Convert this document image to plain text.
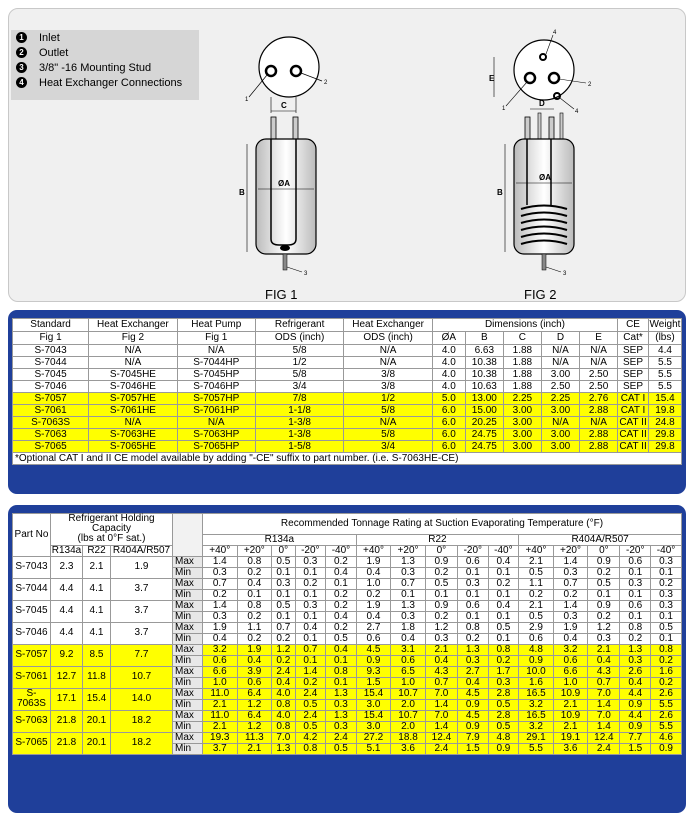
1 Inlet
2 Outlet
3 3/8" -16 Mounting Stud
4 Heat Exchanger Connections
1
2
C
3
B
ØA
4
4
2
1
E
D
3
B
ØA
FIG 1	FIG 2
Standard	Heat Exchanger	Heat Pump	Refrigerant	Heat Exchanger	Dimensions (inch)					CE	Weight
Fig 1	Fig 2	Fig 1	ODS (inch)	ODS (inch)	ØA	B	C	D	E	Cat*	(lbs)
S-7043	N/A	N/A	5/8	N/A	4.0	6.63	1.88	N/A	N/A	SEP	4.4
S-7044	N/A	S-7044HP	1/2	N/A	4.0	10.38	1.88	N/A	N/A	SEP	5.5
S-7045	S-7045HE	S-7045HP	5/8	3/8	4.0	10.38	1.88	3.00	2.50	SEP	5.5
S-7046	S-7046HE	S-7046HP	3/4	3/8	4.0	10.63	1.88	2.50	2.50	SEP	5.5
S-7057	S-7057HE	S-7057HP	7/8	1/2	5.0	13.00	2.25	2.25	2.76	CAT I	15.4
S-7061	S-7061HE	S-7061HP	1-1/8	5/8	6.0	15.00	3.00	3.00	2.88	CAT I	19.8
S-7063S	N/A	N/A	1-3/8	N/A	6.0	20.25	3.00	N/A	N/A	CAT II	24.8
S-7063	S-7063HE	S-7063HP	1-3/8	5/8	6.0	24.75	3.00	3.00	2.88	CAT II	29.8
S-7065	S-7065HE	S-7065HP	1-5/8	3/4	6.0	24.75	3.00	3.00	2.88	CAT II	29.8
*Optional CAT I and II CE model available by adding "-CE" suffix to part number. (i.e. S-7063HE-CE)											
Part No	Refrigerant Holding Capacity				Recommended Tonnage Rating at Suction Evaporating Temperature (°F)														
	(lbs at 0°F sat.)				R134a					R22					R404A/R507				
	R134a	R22	R404A/R507		+40°	+20°	0°	-20°	-40°	+40°	+20°	0°	-20°	-40°	+40°	+20°	0°	-20°	-40°
S-7043	2.3	2.1	1.9	Max	1.4	0.8	0.5	0.3	0.2	1.9	1.3	0.9	0.6	0.4	2.1	1.4	0.9	0.6	0.3
				Min	0.3	0.2	0.1	0.1	0.4	0.4	0.3	0.2	0.1	0.1	0.5	0.3	0.2	0.1	0.1
S-7044	4.4	4.1	3.7	Max	0.7	0.4	0.3	0.2	0.1	1.0	0.7	0.5	0.3	0.2	1.1	0.7	0.5	0.3	0.2
				Min	0.2	0.1	0.1	0.1	0.2	0.2	0.1	0.1	0.1	0.1	0.2	0.2	0.1	0.1	0.3
S-7045	4.4	4.1	3.7	Max	1.4	0.8	0.5	0.3	0.2	1.9	1.3	0.9	0.6	0.4	2.1	1.4	0.9	0.6	0.3
				Min	0.3	0.2	0.1	0.1	0.4	0.4	0.3	0.2	0.1	0.1	0.5	0.3	0.2	0.1	0.1
S-7046	4.4	4.1	3.7	Max	1.9	1.1	0.7	0.4	0.2	2.7	1.8	1.2	0.8	0.5	2.9	1.9	1.2	0.8	0.5
				Min	0.4	0.2	0.2	0.1	0.5	0.6	0.4	0.3	0.2	0.1	0.6	0.4	0.3	0.2	0.1
S-7057	9.2	8.5	7.7	Max	3.2	1.9	1.2	0.7	0.4	4.5	3.1	2.1	1.3	0.8	4.8	3.2	2.1	1.3	0.8
				Min	0.6	0.4	0.2	0.1	0.1	0.9	0.6	0.4	0.3	0.2	0.9	0.6	0.4	0.3	0.2
S-7061	12.7	11.8	10.7	Max	6.6	3.9	2.4	1.4	0.8	9.3	6.5	4.3	2.7	1.7	10.0	6.6	4.3	2.6	1.6
				Min	1.0	0.6	0.4	0.2	0.1	1.5	1.0	0.7	0.4	0.3	1.6	1.0	0.7	0.4	0.2
S-7063S	17.1	15.4	14.0	Max	11.0	6.4	4.0	2.4	1.3	15.4	10.7	7.0	4.5	2.8	16.5	10.9	7.0	4.4	2.6
				Min	2.1	1.2	0.8	0.5	0.3	3.0	2.0	1.4	0.9	0.5	3.2	2.1	1.4	0.9	5.5
S-7063	21.8	20.1	18.2	Max	11.0	6.4	4.0	2.4	1.3	15.4	10.7	7.0	4.5	2.8	16.5	10.9	7.0	4.4	2.6
				Min	2.1	1.2	0.8	0.5	0.3	3.0	2.0	1.4	0.9	0.5	3.2	2.1	1.4	0.9	5.5
S-7065	21.8	20.1	18.2	Max	19.3	11.3	7.0	4.2	2.4	27.2	18.8	12.4	7.9	4.8	29.1	19.1	12.4	7.7	4.6
				Min	3.7	2.1	1.3	0.8	0.5	5.1	3.6	2.4	1.5	0.9	5.5	3.6	2.4	1.5	0.9
